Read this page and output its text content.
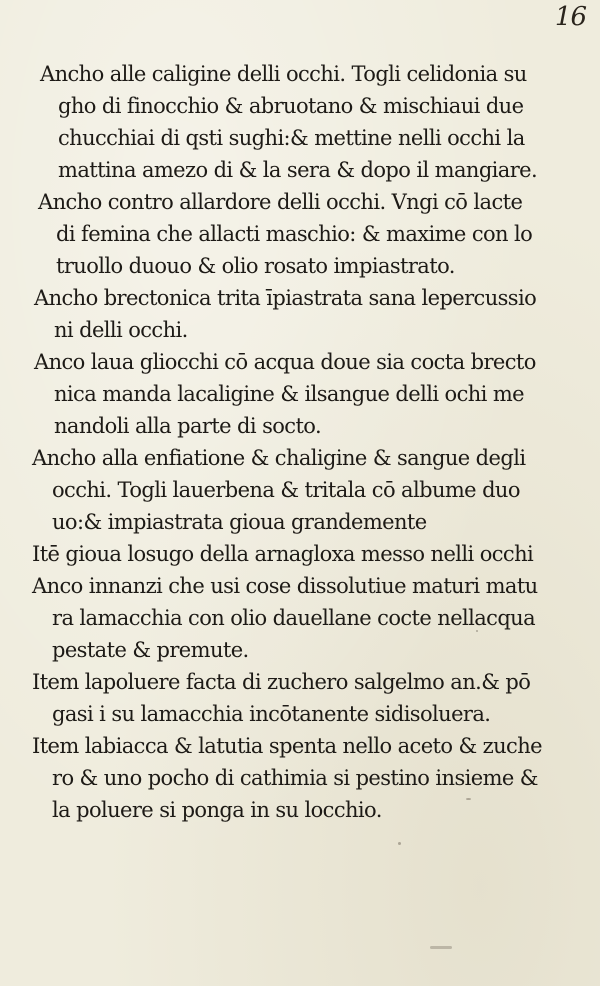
16
Ancho alle caligine delli occhi. Togli celidonia su
gho di finocchio & abruotano & mischiaui due
chucchiai di qsti sughi:& mettine nelli occhi la
mattina amezo di & la sera & dopo il mangiare.
Ancho contro allardore delli occhi. Vngi cō lacte
di femina che allacti maschio: & maxime con lo
truollo duouo & olio rosato impiastrato.
Ancho brectonica trita īpiastrata sana lepercussio
ni delli occhi.
Anco laua gliocchi cō acqua doue sia cocta brecto
nica manda lacaligine & ilsangue delli ochi me
nandoli alla parte di socto.
Ancho alla enfiatione & chaligine & sangue degli
occhi. Togli lauerbena & tritala cō albume duo
uo:& impiastrata gioua grandemente
Itē gioua losugo della arnagloxa messo nelli occhi
Anco innanzi che usi cose dissolutiue maturi matu
ra lamacchia con olio dauellane cocte nellacqua
pestate & premute.
Item lapoluere facta di zuchero salgelmo an.& pō
gasi i su lamacchia incōtanente sidisoluera.
Item labiacca & latutia spenta nello aceto & zuche
ro & uno pocho di cathimia si pestino insieme &
la poluere si ponga in su locchio.
